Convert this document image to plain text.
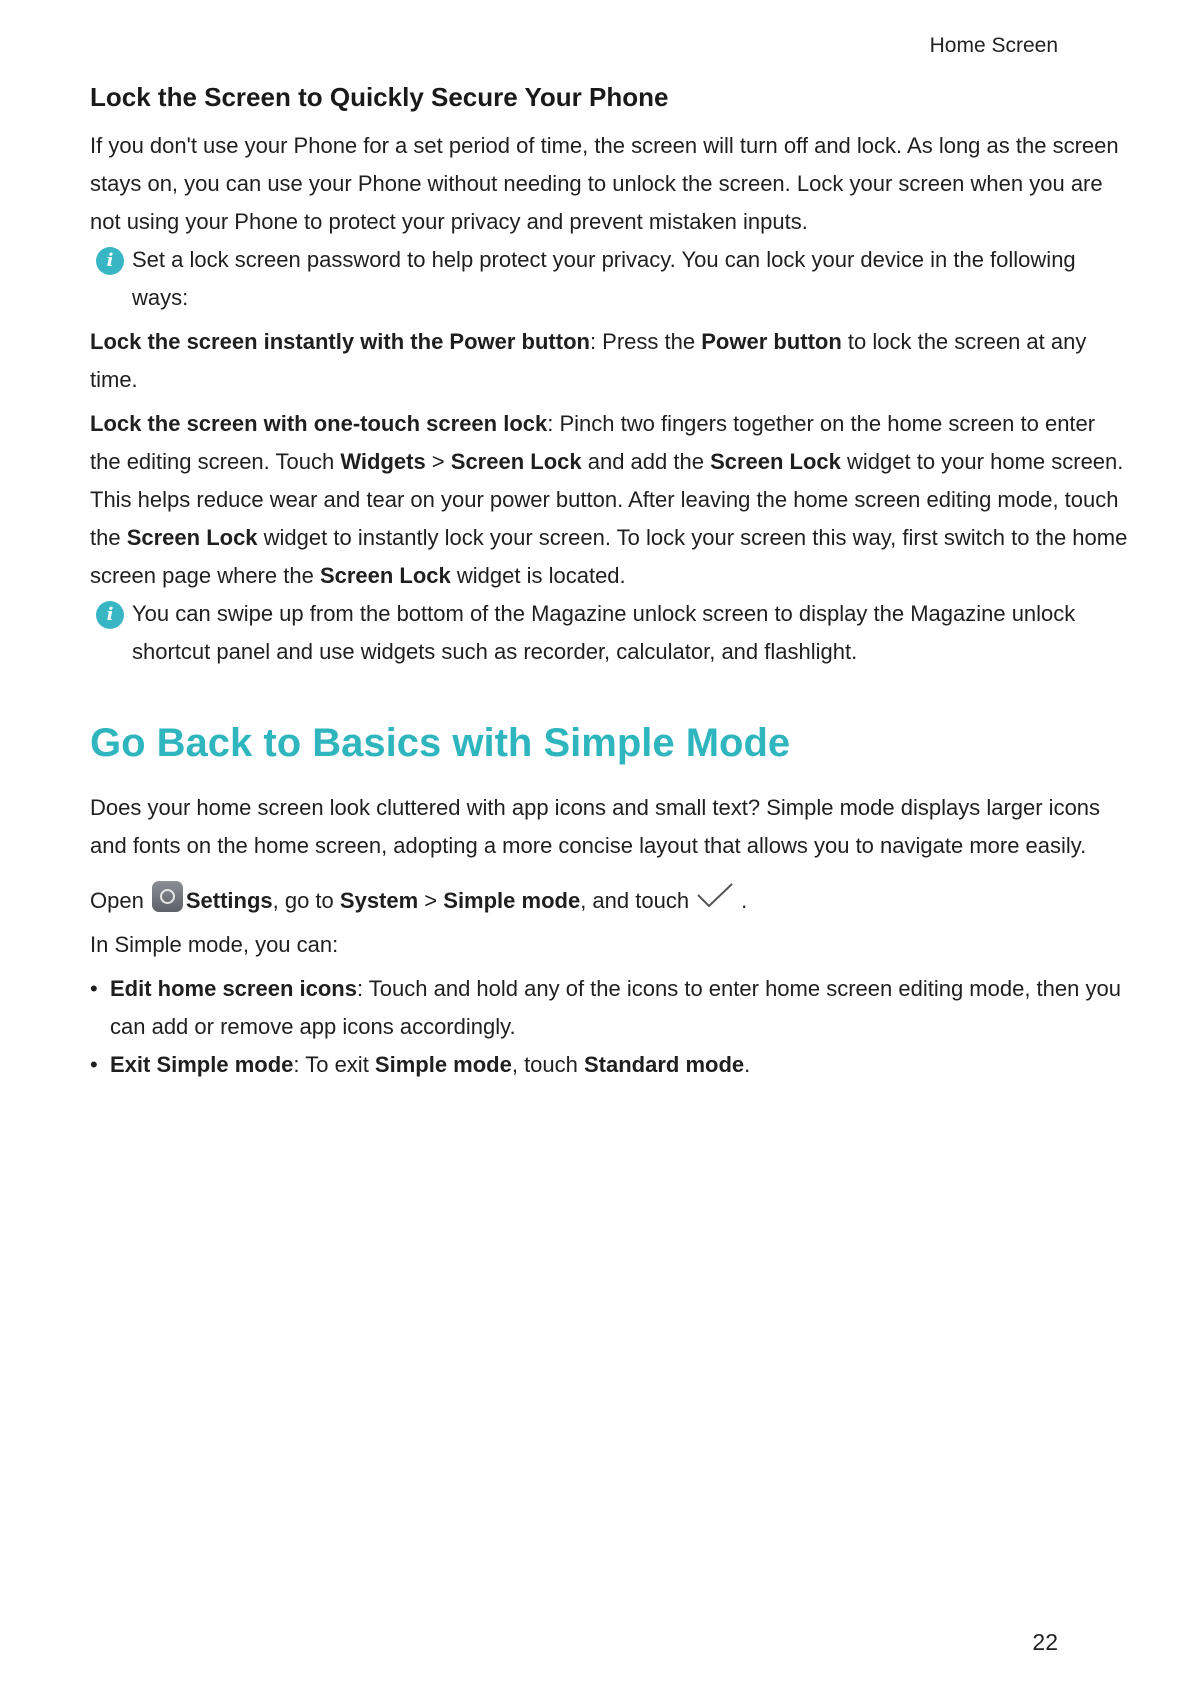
Home Screen
Lock the Screen to Quickly Secure Your Phone

If you don't use your Phone for a set period of time, the screen will turn off and lock. As long as the screen stays on, you can use your Phone without needing to unlock the screen. Lock your screen when you are not using your Phone to protect your privacy and prevent mistaken inputs.

i Set a lock screen password to help protect your privacy. You can lock your device in the following ways:

Lock the screen instantly with the Power button: Press the Power button to lock the screen at any time.

Lock the screen with one-touch screen lock: Pinch two fingers together on the home screen to enter the editing screen. Touch Widgets > Screen Lock and add the Screen Lock widget to your home screen. This helps reduce wear and tear on your power button. After leaving the home screen editing mode, touch the Screen Lock widget to instantly lock your screen. To lock your screen this way, first switch to the home screen page where the Screen Lock widget is located.

i You can swipe up from the bottom of the Magazine unlock screen to display the Magazine unlock shortcut panel and use widgets such as recorder, calculator, and flashlight.
Go Back to Basics with Simple Mode

Does your home screen look cluttered with app icons and small text? Simple mode displays larger icons and fonts on the home screen, adopting a more concise layout that allows you to navigate more easily.

Open Settings, go to System > Simple mode, and touch .

In Simple mode, you can:

• Edit home screen icons: Touch and hold any of the icons to enter home screen editing mode, then you can add or remove app icons accordingly.
• Exit Simple mode: To exit Simple mode, touch Standard mode.
22
